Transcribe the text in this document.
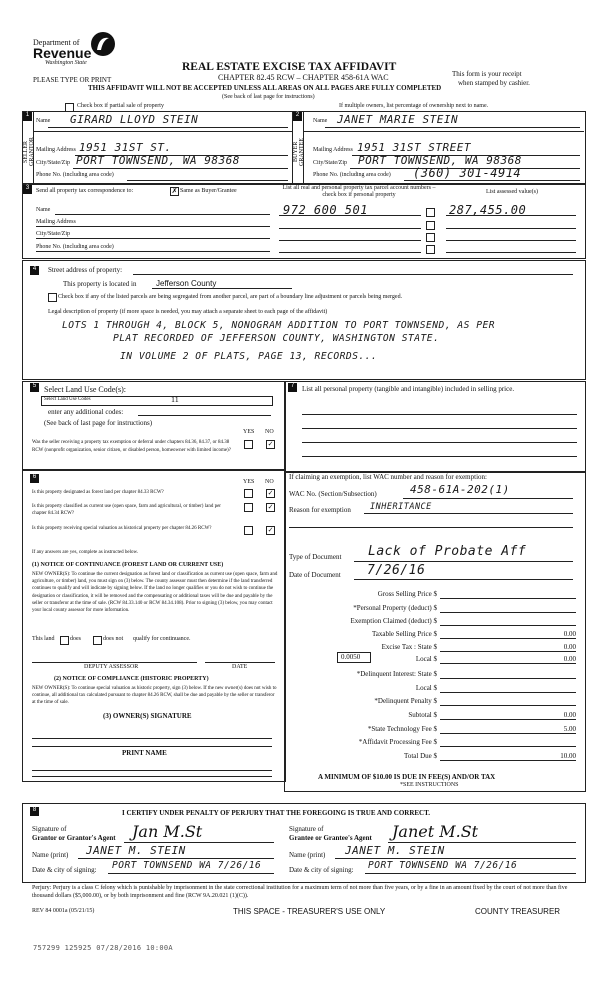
Department of
Revenue
Washington State
PLEASE TYPE OR PRINT
REAL ESTATE EXCISE TAX AFFIDAVIT
CHAPTER 82.45 RCW – CHAPTER 458-61A WAC
THIS AFFIDAVIT WILL NOT BE ACCEPTED UNLESS ALL AREAS ON ALL PAGES ARE FULLY COMPLETED
(See back of last page for instructions)
This form is your receipt
when stamped by cashier.
Check box if partial sale of property	If multiple owners, list percentage of ownership next to name.
1
SELLER GRANTOR
Name GIRARD LLOYD STEIN
Mailing Address 1951 31ST ST.
City/State/Zip PORT TOWNSEND, WA 98368
Phone No. (including area code)
2
BUYER GRANTEE
Name JANET MARIE STEIN
Mailing Address 1951 31ST STREET
City/State/Zip PORT TOWNSEND, WA 98368
Phone No. (including area code) (360) 301-4914
3	Send all property tax correspondence to:	✗ Same as Buyer/Grantee
Name
Mailing Address
City/State/Zip
Phone No. (including area code)
List all real and personal property tax parcel account numbers – check box if personal property	List assessed value(s)
972 600 501	287,455.00
4	Street address of property:
This property is located in Jefferson County
Check box if any of the listed parcels are being segregated from another parcel, are part of a boundary line adjustment or parcels being merged.
Legal description of property (if more space is needed, you may attach a separate sheet to each page of the affidavit)
LOTS 1 THROUGH 4, BLOCK 5, NONOGRAM ADDITION TO PORT TOWNSEND, AS PER
PLAT RECORDED OF JEFFERSON COUNTY, WASHINGTON STATE.
IN VOLUME 2 OF PLATS, PAGE 13, RECORDS...
5 Select Land Use Code(s):
Select Land Use Codes	11
enter any additional codes:
(See back of last page for instructions)
YES NO
Was the seller receiving a property tax exemption or deferral under chapters 84.36, 84.37, or 84.38 RCW (nonprofit organization, senior citizen, or disabled person, homeowner with limited income)?
✓
6
YES NO
Is this property designated as forest land per chapter 84.33 RCW?	✓
Is this property classified as current use (open space, farm and agricultural, or timber) land per chapter 84.34 RCW?
✓
Is this property receiving special valuation as historical property per chapter 84.26 RCW?	✓
If any answers are yes, complete as instructed below.
(1) NOTICE OF CONTINUANCE (FOREST LAND OR CURRENT USE)
NEW OWNER(S): To continue the current designation as forest land or classification as current use (open space, farm and agriculture, or timber) land, you must sign on (3) below. The county assessor must then determine if the land transferred continues to qualify and will indicate by signing below. If the land no longer qualifies or you do not wish to continue the designation or classification, it will be removed and the compensating or additional taxes will be due and payable by the seller or transferor at the time of sale. (RCW 84.33.140 or RCW 84.34.108). Prior to signing (3) below, you may contact your local county assessor for more information.
This land	does	does not qualify for continuance.
DEPUTY ASSESSOR	DATE
(2) NOTICE OF COMPLIANCE (HISTORIC PROPERTY)
NEW OWNER(S): To continue special valuation as historic property, sign (3) below. If the new owner(s) does not wish to continue, all additional tax calculated pursuant to chapter 84.26 RCW, shall be due and payable by the seller or transferor at the time of sale.
(3) OWNER(S) SIGNATURE
PRINT NAME
7	List all personal property (tangible and intangible) included in selling price.
If claiming an exemption, list WAC number and reason for exemption:
WAC No. (Section/Subsection)	458-61A-202(1)
Reason for exemption INHERITANCE
Type of Document Lack of Probate Aff
Date of Document 7/26/16
Gross Selling Price $
*Personal Property (deduct) $
Exemption Claimed (deduct) $
Taxable Selling Price $	0.00
Excise Tax : State $	0.00
Local $	0.00
*Delinquent Interest: State $
Local $
*Delinquent Penalty $
Subtotal $	0.00
*State Technology Fee $	5.00
*Affidavit Processing Fee $
Total Due $	10.00
0.0050
A MINIMUM OF $10.00 IS DUE IN FEE(S) AND/OR TAX
*SEE INSTRUCTIONS
8	I CERTIFY UNDER PENALTY OF PERJURY THAT THE FOREGOING IS TRUE AND CORRECT.
Signature of
Grantor or Grantor's Agent Jan M.St	Signature of
Grantee or Grantee's Agent Janet M.St
Name (print) JANET M. STEIN	Name (print) JANET M. STEIN
Date & city of signing: PORT TOWNSEND WA 7/26/16	Date & city of signing: PORT TOWNSEND WA 7/26/16
Perjury: Perjury is a class C felony which is punishable by imprisonment in the state correctional institution for a maximum term of not more than five years, or by a fine in an amount fixed by the court of not more than five thousand dollars ($5,000.00), or by both imprisonment and fine (RCW 9A.20.021 (1)(C)).
REV 84 0001a (05/21/15)	THIS SPACE - TREASURER'S USE ONLY	COUNTY TREASURER
757299 125925 07/28/2016 10:00A
